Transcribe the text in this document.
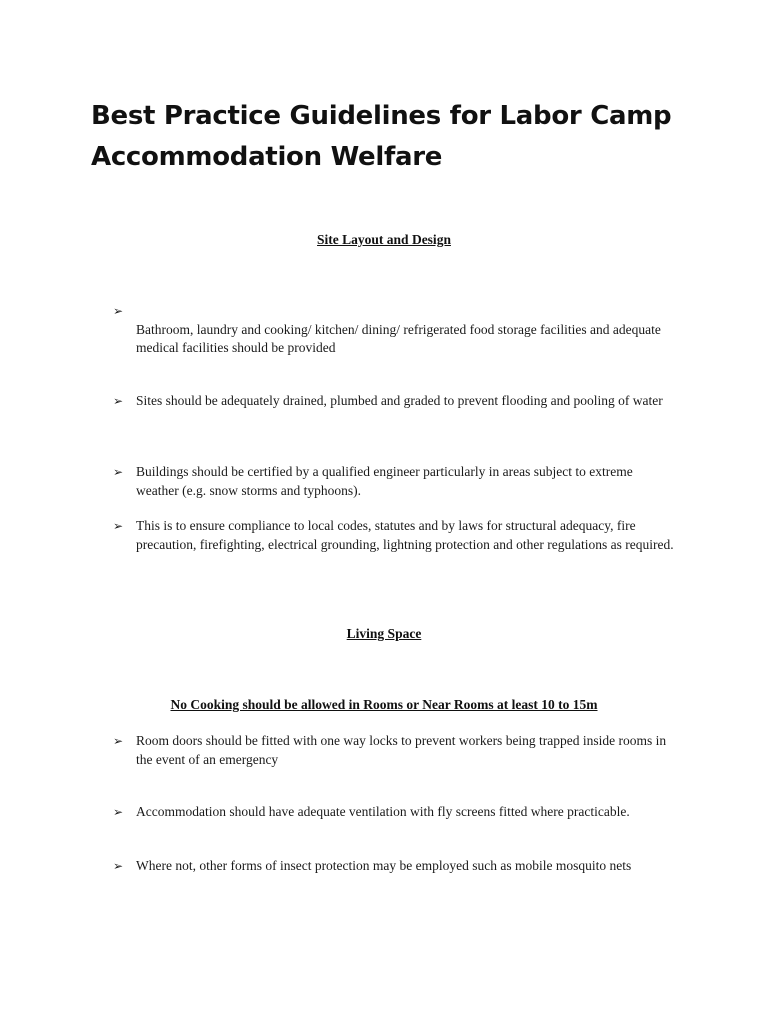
Best Practice Guidelines for Labor Camp Accommodation Welfare
Site Layout and Design
➢
Bathroom, laundry and cooking/ kitchen/ dining/ refrigerated food storage facilities and adequate medical facilities should be provided
➢ Sites should be adequately drained, plumbed and graded to prevent flooding and pooling of water
➢ Buildings should be certified by a qualified engineer particularly in areas subject to extreme weather (e.g. snow storms and typhoons).
➢ This is to ensure compliance to local codes, statutes and by laws for structural adequacy, fire precaution, firefighting, electrical grounding, lightning protection and other regulations as required.
Living Space
No Cooking should be allowed in Rooms or Near Rooms at least 10 to 15m
➢ Room doors should be fitted with one way locks to prevent workers being trapped inside rooms in the event of an emergency
➢ Accommodation should have adequate ventilation with fly screens fitted where practicable.
➢ Where not, other forms of insect protection may be employed such as mobile mosquito nets
